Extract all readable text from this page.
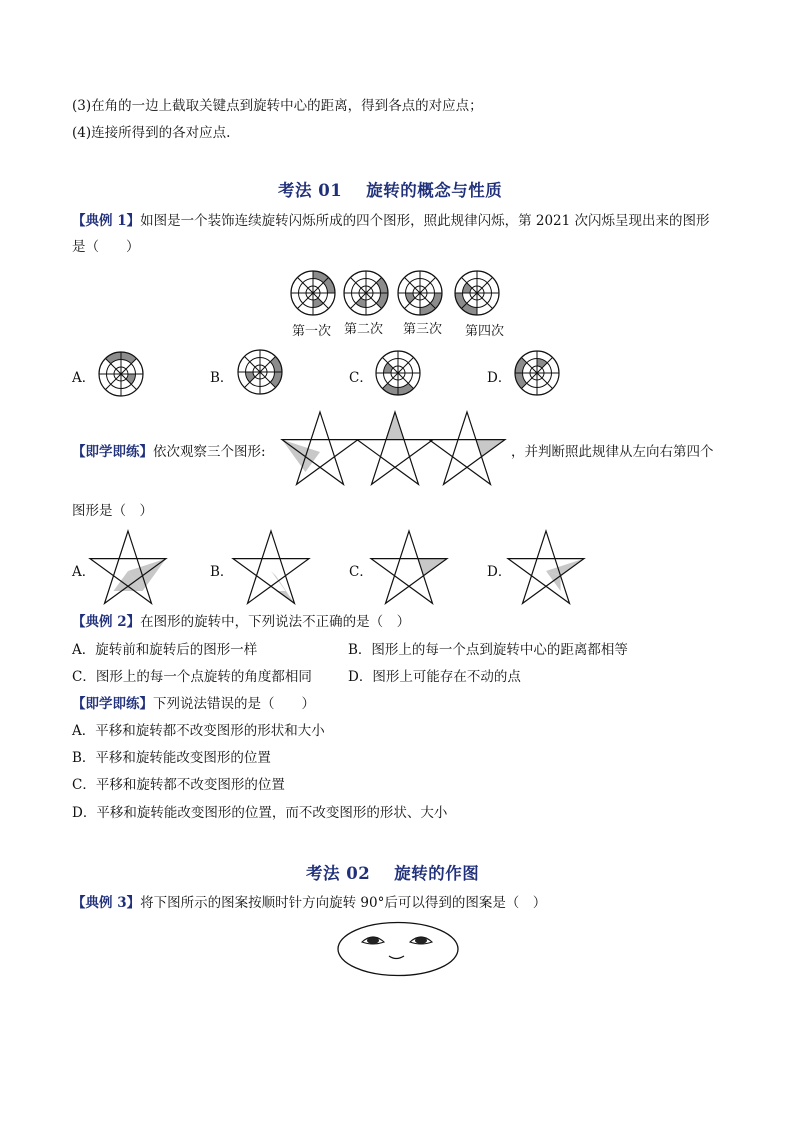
(3)在角的一边上截取关键点到旋转中心的距离，得到各点的对应点；
(4)连接所得到的各对应点.
考法 01 旋转的概念与性质
【典例 1】如图是一个装饰连续旋转闪烁所成的四个图形，照此规律闪烁，第 2021 次闪烁呈现出来的图形
是（　　）
第一次 第二次 第三次 第四次
A．	B．	C．	D．
【即学即练】依次观察三个图形:	，并判断照此规律从左向右第四个
图形是（　）
A．	B．	C．	D．
【典例 2】在图形的旋转中，下列说法不正确的是（　）
A．旋转前和旋转后的图形一样	B．图形上的每一个点到旋转中心的距离都相等
C．图形上的每一个点旋转的角度都相同	D．图形上可能存在不动的点
【即学即练】下列说法错误的是（　　）
A．平移和旋转都不改变图形的形状和大小
B．平移和旋转能改变图形的位置
C．平移和旋转都不改变图形的位置
D．平移和旋转能改变图形的位置，而不改变图形的形状、大小
考法 02 旋转的作图
【典例 3】将下图所示的图案按顺时针方向旋转 90°后可以得到的图案是（　）
